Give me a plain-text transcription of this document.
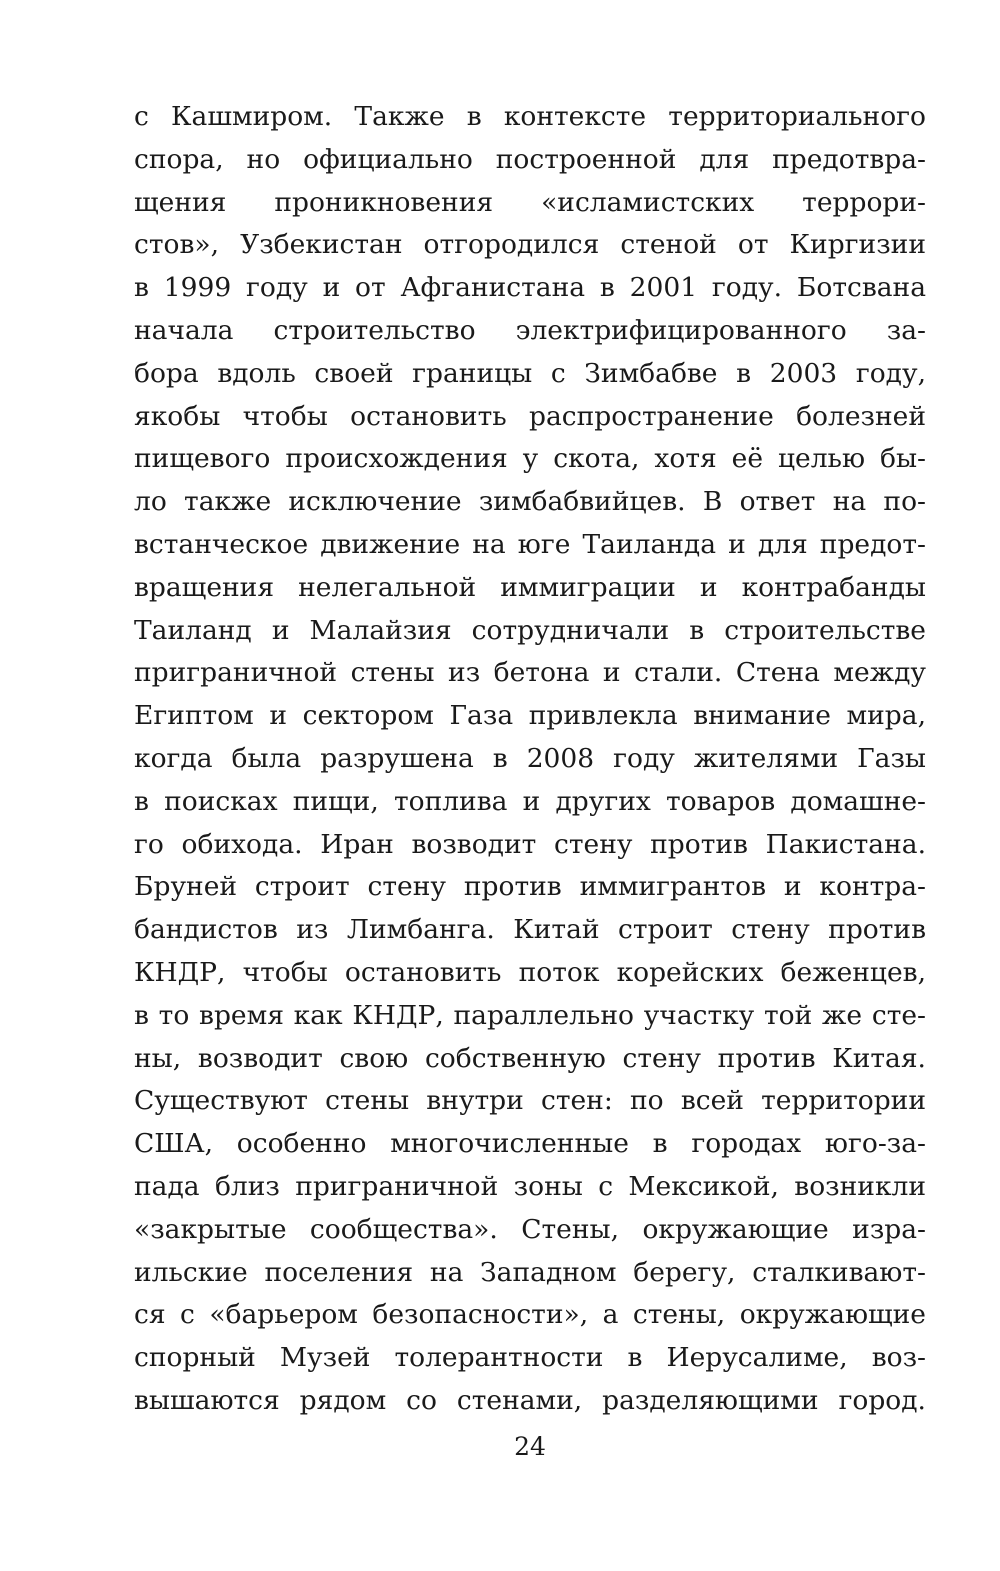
с Кашмиром. Также в контексте территориального
спора, но официально построенной для предотвра-
щения проникновения «исламистских террори-
стов», Узбекистан отгородился стеной от Киргизии
в 1999 году и от Афганистана в 2001 году. Ботсвана
начала строительство электрифицированного за-
бора вдоль своей границы с Зимбабве в 2003 году,
якобы чтобы остановить распространение болезней
пищевого происхождения у скота, хотя её целью бы-
ло также исключение зимбабвийцев. В ответ на по-
встанческое движение на юге Таиланда и для предот-
вращения нелегальной иммиграции и контрабанды
Таиланд и Малайзия сотрудничали в строительстве
приграничной стены из бетона и стали. Стена между
Египтом и сектором Газа привлекла внимание мира,
когда была разрушена в 2008 году жителями Газы
в поисках пищи, топлива и других товаров домашне-
го обихода. Иран возводит стену против Пакистана.
Бруней строит стену против иммигрантов и контра-
бандистов из Лимбанга. Китай строит стену против
КНДР, чтобы остановить поток корейских беженцев,
в то время как КНДР, параллельно участку той же сте-
ны, возводит свою собственную стену против Китая.
Существуют стены внутри стен: по всей территории
США, особенно многочисленные в городах юго-за-
пада близ приграничной зоны с Мексикой, возникли
«закрытые сообщества». Стены, окружающие изра-
ильские поселения на Западном берегу, сталкивают-
ся с «барьером безопасности», а стены, окружающие
спорный Музей толерантности в Иерусалиме, воз-
вышаются рядом со стенами, разделяющими город.
24
